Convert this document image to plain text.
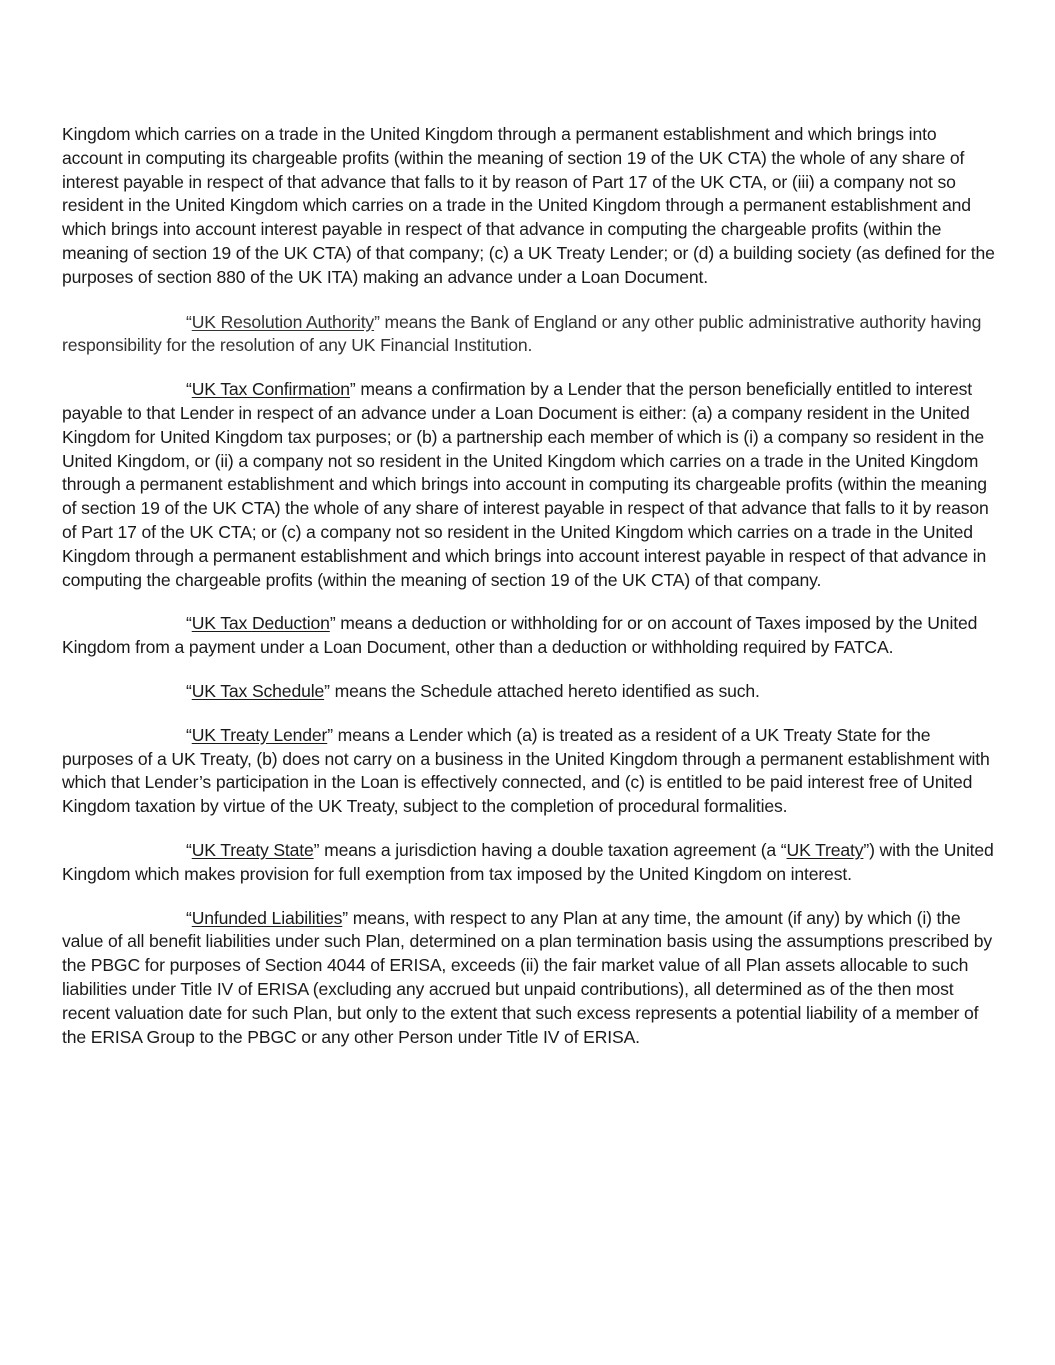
Kingdom which carries on a trade in the United Kingdom through a permanent establishment and which brings into account in computing its chargeable profits (within the meaning of section 19 of the UK CTA) the whole of any share of interest payable in respect of that advance that falls to it by reason of Part 17 of the UK CTA, or (iii) a company not so resident in the United Kingdom which carries on a trade in the United Kingdom through a permanent establishment and which brings into account interest payable in respect of that advance in computing the chargeable profits (within the meaning of section 19 of the UK CTA) of that company; (c) a UK Treaty Lender; or (d) a building society (as defined for the purposes of section 880 of the UK ITA) making an advance under a Loan Document.

“UK Resolution Authority” means the Bank of England or any other public administrative authority having responsibility for the resolution of any UK Financial Institution.

“UK Tax Confirmation” means a confirmation by a Lender that the person beneficially entitled to interest payable to that Lender in respect of an advance under a Loan Document is either: (a) a company resident in the United Kingdom for United Kingdom tax purposes; or (b) a partnership each member of which is (i) a company so resident in the United Kingdom, or (ii) a company not so resident in the United Kingdom which carries on a trade in the United Kingdom through a permanent establishment and which brings into account in computing its chargeable profits (within the meaning of section 19 of the UK CTA) the whole of any share of interest payable in respect of that advance that falls to it by reason of Part 17 of the UK CTA; or (c) a company not so resident in the United Kingdom which carries on a trade in the United Kingdom through a permanent establishment and which brings into account interest payable in respect of that advance in computing the chargeable profits (within the meaning of section 19 of the UK CTA) of that company.

“UK Tax Deduction” means a deduction or withholding for or on account of Taxes imposed by the United Kingdom from a payment under a Loan Document, other than a deduction or withholding required by FATCA.

“UK Tax Schedule” means the Schedule attached hereto identified as such.

“UK Treaty Lender” means a Lender which (a) is treated as a resident of a UK Treaty State for the purposes of a UK Treaty, (b) does not carry on a business in the United Kingdom through a permanent establishment with which that Lender’s participation in the Loan is effectively connected, and (c) is entitled to be paid interest free of United Kingdom taxation by virtue of the UK Treaty, subject to the completion of procedural formalities.

“UK Treaty State” means a jurisdiction having a double taxation agreement (a “UK Treaty”) with the United Kingdom which makes provision for full exemption from tax imposed by the United Kingdom on interest.

“Unfunded Liabilities” means, with respect to any Plan at any time, the amount (if any) by which (i) the value of all benefit liabilities under such Plan, determined on a plan termination basis using the assumptions prescribed by the PBGC for purposes of Section 4044 of ERISA, exceeds (ii) the fair market value of all Plan assets allocable to such liabilities under Title IV of ERISA (excluding any accrued but unpaid contributions), all determined as of the then most recent valuation date for such Plan, but only to the extent that such excess represents a potential liability of a member of the ERISA Group to the PBGC or any other Person under Title IV of ERISA.
